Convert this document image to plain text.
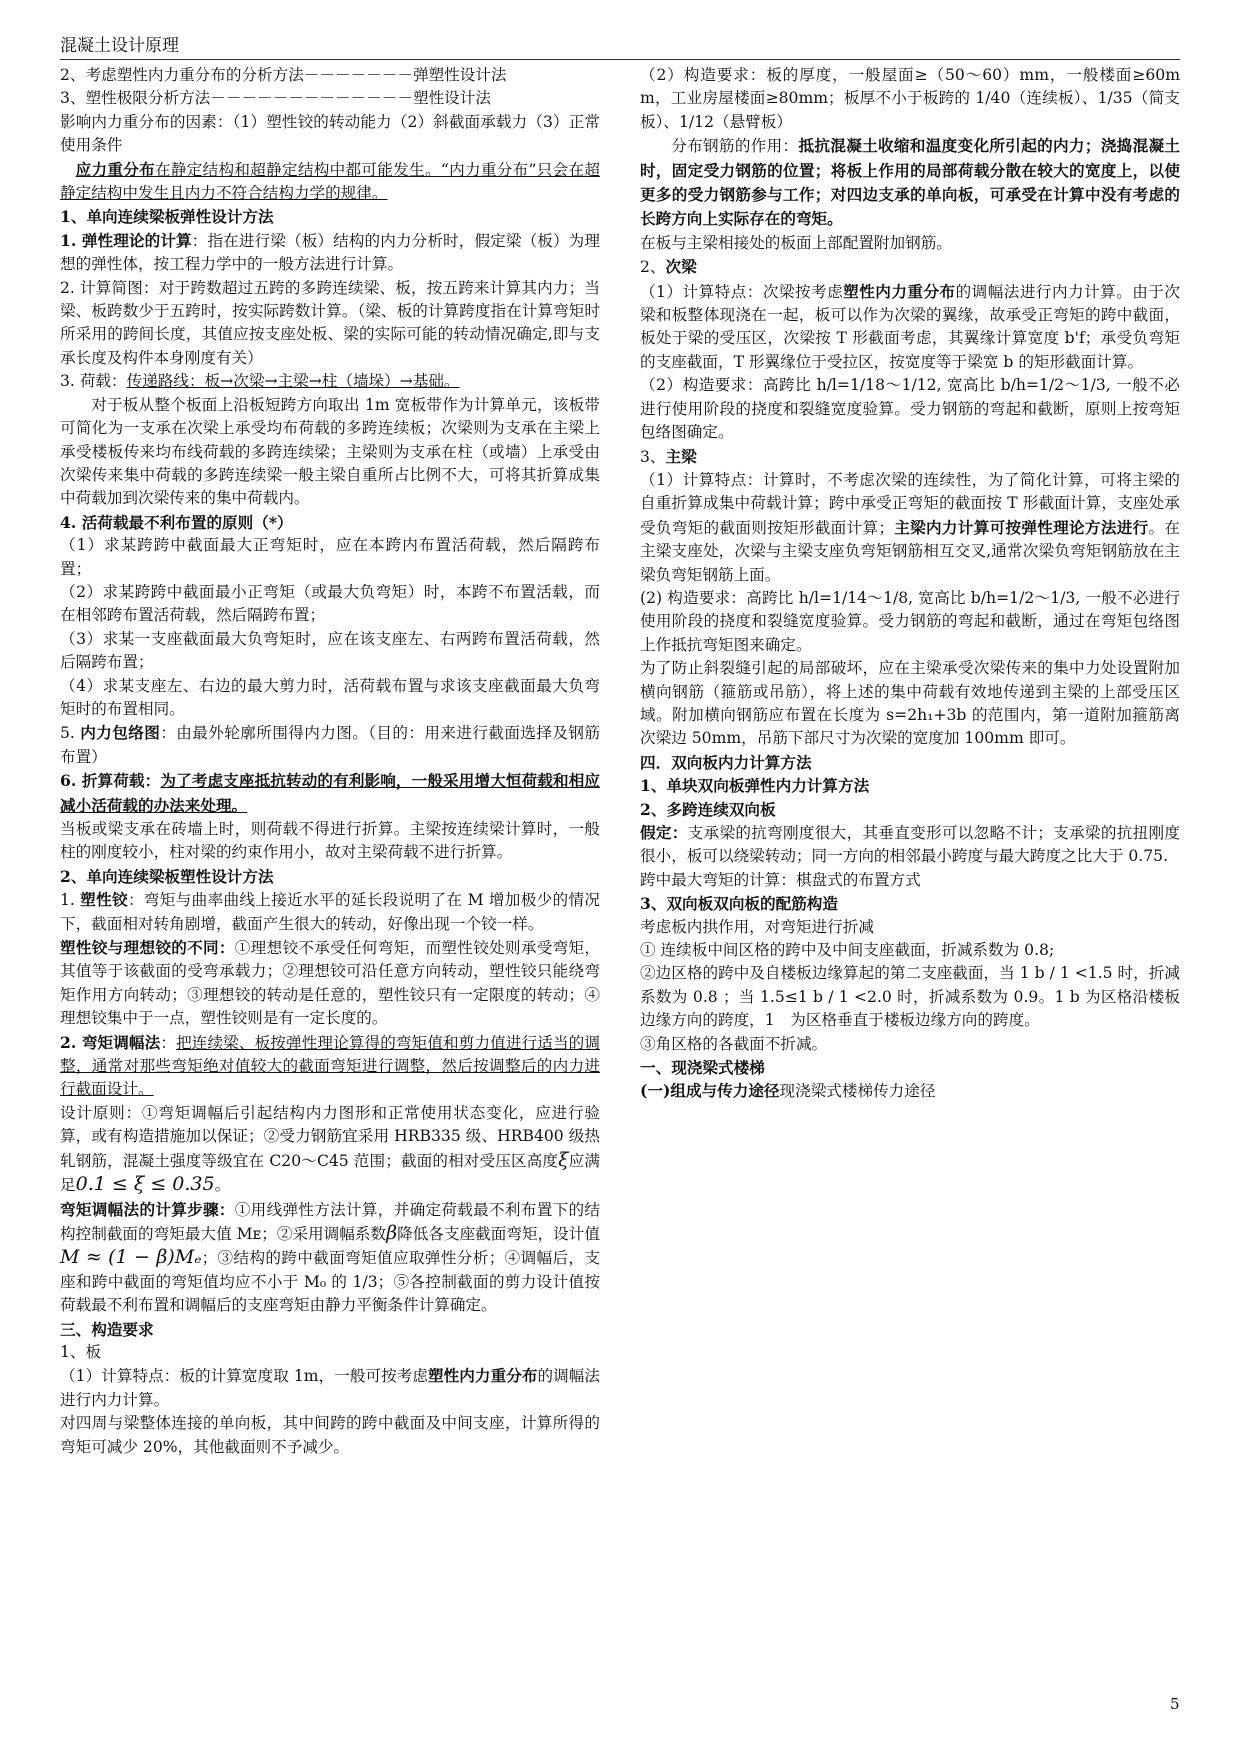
混凝土设计原理

2、考虑塑性内力重分布的分析方法－－－－－－－弹塑性设计法

3、塑性极限分析方法－－－－－－－－－－－－－塑性设计法

影响内力重分布的因素：（1）塑性铰的转动能力（2）斜截面承载力（3）正常使用条件

应力重分布在静定结构和超静定结构中都可能发生。“内力重分布”只会在超静定结构中发生且内力不符合结构力学的规律。

1、单向连续梁板弹性设计方法

1. 弹性理论的计算：指在进行梁（板）结构的内力分析时，假定梁（板）为理想的弹性体，按工程力学中的一般方法进行计算。

2. 计算简图：对于跨数超过五跨的多跨连续梁、板，按五跨来计算其内力；当梁、板跨数少于五跨时，按实际跨数计算。（梁、板的计算跨度指在计算弯矩时所采用的跨间长度，其值应按支座处板、梁的实际可能的转动情况确定,即与支承长度及构件本身刚度有关）

3. 荷载：传递路线：板→次梁→主梁→柱（墙垛）→基础。

对于板从整个板面上沿板短跨方向取出 1m 宽板带作为计算单元，该板带可简化为一支承在次梁上承受均布荷载的多跨连续板；次梁则为支承在主梁上承受楼板传来均布线荷载的多跨连续梁；主梁则为支承在柱（或墙）上承受由次梁传来集中荷载的多跨连续梁一般主梁自重所占比例不大，可将其折算成集中荷载加到次梁传来的集中荷载内。

4. 活荷载最不利布置的原则（*）

（1）求某跨跨中截面最大正弯矩时，应在本跨内布置活荷载，然后隔跨布置；

（2）求某跨跨中截面最小正弯矩（或最大负弯矩）时，本跨不布置活载，而在相邻跨布置活荷载，然后隔跨布置；

（3）求某一支座截面最大负弯矩时，应在该支座左、右两跨布置活荷载，然后隔跨布置；

（4）求某支座左、右边的最大剪力时，活荷载布置与求该支座截面最大负弯矩时的布置相同。

5. 内力包络图：由最外轮廓所围得内力图。（目的：用来进行截面选择及钢筋布置）

6. 折算荷载：为了考虑支座抵抗转动的有利影响，一般采用增大恒荷载和相应减小活荷载的办法来处理。

当板或梁支承在砖墙上时，则荷载不得进行折算。主梁按连续梁计算时，一般柱的刚度较小，柱对梁的约束作用小，故对主梁荷载不进行折算。

2、单向连续梁板塑性设计方法

1. 塑性铰：弯矩与曲率曲线上接近水平的延长段说明了在 M 增加极少的情况下，截面相对转角剧增，截面产生很大的转动，好像出现一个铰一样。

塑性铰与理想铰的不同：①理想铰不承受任何弯矩，而塑性铰处则承受弯矩，其值等于该截面的受弯承载力；②理想铰可沿任意方向转动，塑性铰只能绕弯矩作用方向转动；③理想铰的转动是任意的，塑性铰只有一定限度的转动；④理想铰集中于一点，塑性铰则是有一定长度的。

2. 弯矩调幅法：把连续梁、板按弹性理论算得的弯矩值和剪力值进行适当的调整，通常对那些弯矩绝对值较大的截面弯矩进行调整，然后按调整后的内力进行截面设计。

设计原则：①弯矩调幅后引起结构内力图形和正常使用状态变化，应进行验算，或有构造措施加以保证；②受力钢筋宜采用 HRB335 级、HRB400 级热轧钢筋，混凝土强度等级宜在 C20～C45 范围；截面的相对受压区高度ξ应满足0.1 ≤ ξ ≤ 0.35。

弯矩调幅法的计算步骤：①用线弹性方法计算，并确定荷载最不利布置下的结构控制截面的弯矩最大值 Mᴇ；②采用调幅系数β降低各支座截面弯矩，设计值M ≈ (1 − β)Mₑ；③结构的跨中截面弯矩值应取弹性分析；④调幅后，支座和跨中截面的弯矩值均应不小于 M₀ 的 1/3；⑤各控制截面的剪力设计值按荷载最不利布置和调幅后的支座弯矩由静力平衡条件计算确定。

三、构造要求

1、板

（1）计算特点：板的计算宽度取 1m，一般可按考虑塑性内力重分布的调幅法进行内力计算。

对四周与梁整体连接的单向板，其中间跨的跨中截面及中间支座，计算所得的弯矩可减少 20%，其他截面则不予减少。

（2）构造要求：板的厚度，一般屋面≥（50～60）mm，一般楼面≥60mm，工业房屋楼面≥80mm；板厚不小于板跨的 1/40（连续板）、1/35（简支板）、1/12（悬臂板）

分布钢筋的作用：抵抗混凝土收缩和温度变化所引起的内力；浇捣混凝土时，固定受力钢筋的位置；将板上作用的局部荷载分散在较大的宽度上，以使更多的受力钢筋参与工作；对四边支承的单向板，可承受在计算中没有考虑的长跨方向上实际存在的弯矩。

在板与主梁相接处的板面上部配置附加钢筋。

2、次梁

（1）计算特点：次梁按考虑塑性内力重分布的调幅法进行内力计算。由于次梁和板整体现浇在一起，板可以作为次梁的翼缘，故承受正弯矩的跨中截面，板处于梁的受压区，次梁按 T 形截面考虑，其翼缘计算宽度 b'f；承受负弯矩的支座截面，T 形翼缘位于受拉区，按宽度等于梁宽 b 的矩形截面计算。

（2）构造要求：高跨比 h/l=1/18～1/12, 宽高比 b/h=1/2～1/3, 一般不必进行使用阶段的挠度和裂缝宽度验算。受力钢筋的弯起和截断，原则上按弯矩包络图确定。

3、主梁

（1）计算特点：计算时，不考虑次梁的连续性，为了简化计算，可将主梁的自重折算成集中荷载计算；跨中承受正弯矩的截面按 T 形截面计算，支座处承受负弯矩的截面则按矩形截面计算；主梁内力计算可按弹性理论方法进行。在主梁支座处，次梁与主梁支座负弯矩钢筋相互交叉,通常次梁负弯矩钢筋放在主梁负弯矩钢筋上面。

(2) 构造要求：高跨比 h/l=1/14～1/8, 宽高比 b/h=1/2～1/3, 一般不必进行使用阶段的挠度和裂缝宽度验算。受力钢筋的弯起和截断，通过在弯矩包络图上作抵抗弯矩图来确定。

为了防止斜裂缝引起的局部破坏，应在主梁承受次梁传来的集中力处设置附加横向钢筋（箍筋或吊筋），将上述的集中荷载有效地传递到主梁的上部受压区域。附加横向钢筋应布置在长度为 s=2h₁+3b 的范围内，第一道附加箍筋离次梁边 50mm，吊筋下部尺寸为次梁的宽度加 100mm 即可。

四．双向板内力计算方法

1、单块双向板弹性内力计算方法

2、多跨连续双向板

假定：支承梁的抗弯刚度很大，其垂直变形可以忽略不计；支承梁的抗扭刚度很小，板可以绕梁转动；同一方向的相邻最小跨度与最大跨度之比大于 0.75.

跨中最大弯矩的计算：棋盘式的布置方式

3、双向板双向板的配筋构造

考虑板内拱作用，对弯矩进行折减

① 连续板中间区格的跨中及中间支座截面，折减系数为 0.8;

②边区格的跨中及自楼板边缘算起的第二支座截面，当 1 b / 1 <1.5 时，折减系数为 0.8 ；当 1.5≤1 b / 1 <2.0 时，折减系数为 0.9。1 b 为区格沿楼板边缘方向的跨度，1　为区格垂直于楼板边缘方向的跨度。

③角区格的各截面不折减。

一、现浇梁式楼梯

(一)组成与传力途径现浇梁式楼梯传力途径

5
